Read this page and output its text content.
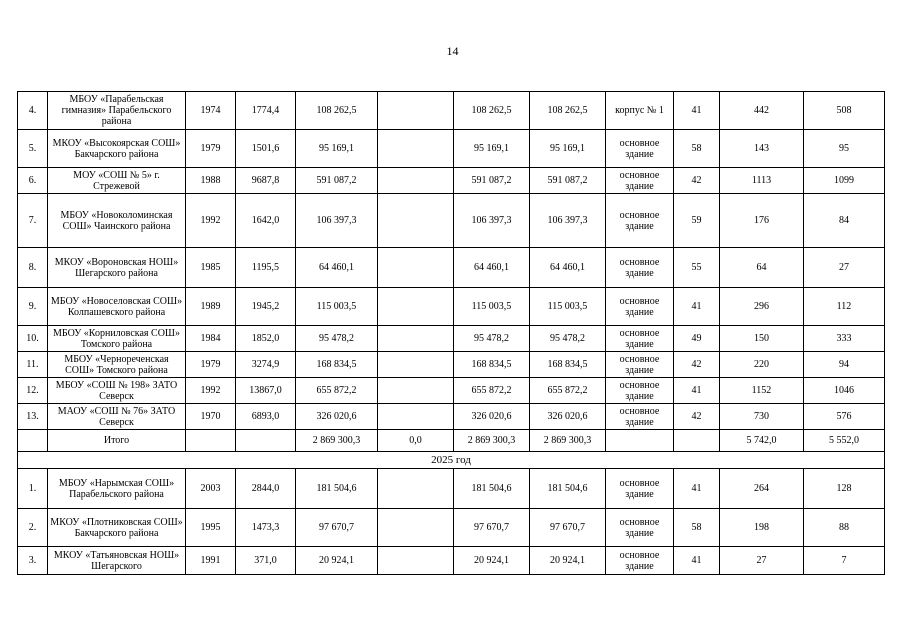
14
4.	МБОУ «Парабельская гимназия» Парабельского района	1974	1774,4	108 262,5		108 262,5	108 262,5	корпус № 1	41	442	508
5.	МКОУ «Высокоярская СОШ» Бакчарского района	1979	1501,6	95 169,1		95 169,1	95 169,1	основное здание	58	143	95
6.	МОУ «СОШ № 5» г. Стрежевой	1988	9687,8	591 087,2		591 087,2	591 087,2	основное здание	42	1113	1099
7.	МБОУ «Новоколоминская СОШ» Чаинского района	1992	1642,0	106 397,3		106 397,3	106 397,3	основное здание	59	176	84
8.	МКОУ «Вороновская НОШ» Шегарского района	1985	1195,5	64 460,1		64 460,1	64 460,1	основное здание	55	64	27
9.	МБОУ «Новоселовская СОШ» Колпашевского района	1989	1945,2	115 003,5		115 003,5	115 003,5	основное здание	41	296	112
10.	МБОУ «Корниловская СОШ» Томского района	1984	1852,0	95 478,2		95 478,2	95 478,2	основное здание	49	150	333
11.	МБОУ «Чернореченская СОШ» Томского района	1979	3274,9	168 834,5		168 834,5	168 834,5	основное здание	42	220	94
12.	МБОУ «СОШ № 198» ЗАТО Северск	1992	13867,0	655 872,2		655 872,2	655 872,2	основное здание	41	1152	1046
13.	МАОУ «СОШ № 76» ЗАТО Северск	1970	6893,0	326 020,6		326 020,6	326 020,6	основное здание	42	730	576
	Итого			2 869 300,3	0,0	2 869 300,3	2 869 300,3			5 742,0	5 552,0
2025 год											
1.	МБОУ «Нарымская СОШ» Парабельского района	2003	2844,0	181 504,6		181 504,6	181 504,6	основное здание	41	264	128
2.	МКОУ «Плотниковская СОШ» Бакчарского района	1995	1473,3	97 670,7		97 670,7	97 670,7	основное здание	58	198	88
3.	МКОУ «Татьяновская НОШ» Шегарского	1991	371,0	20 924,1		20 924,1	20 924,1	основное здание	41	27	7
